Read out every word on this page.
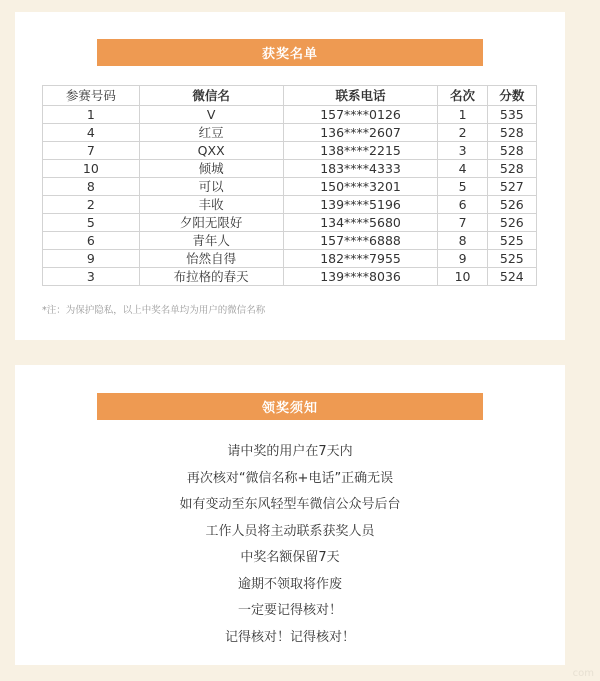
获奖名单
参赛号码	微信名	联系电话	名次	分数
1	V	157****0126	1	535
4	红豆	136****2607	2	528
7	QXX	138****2215	3	528
10	倾城	183****4333	4	528
8	可以	150****3201	5	527
2	丰收	139****5196	6	526
5	夕阳无限好	134****5680	7	526
6	青年人	157****6888	8	525
9	怡然自得	182****7955	9	525
3	布拉格的春天	139****8036	10	524
*注：为保护隐私，以上中奖名单均为用户的微信名称
领奖须知
请中奖的用户在7天内
再次核对“微信名称+电话”正确无误
如有变动至东风轻型车微信公众号后台
工作人员将主动联系获奖人员
中奖名额保留7天
逾期不领取将作废
一定要记得核对！
记得核对！记得核对！
com
